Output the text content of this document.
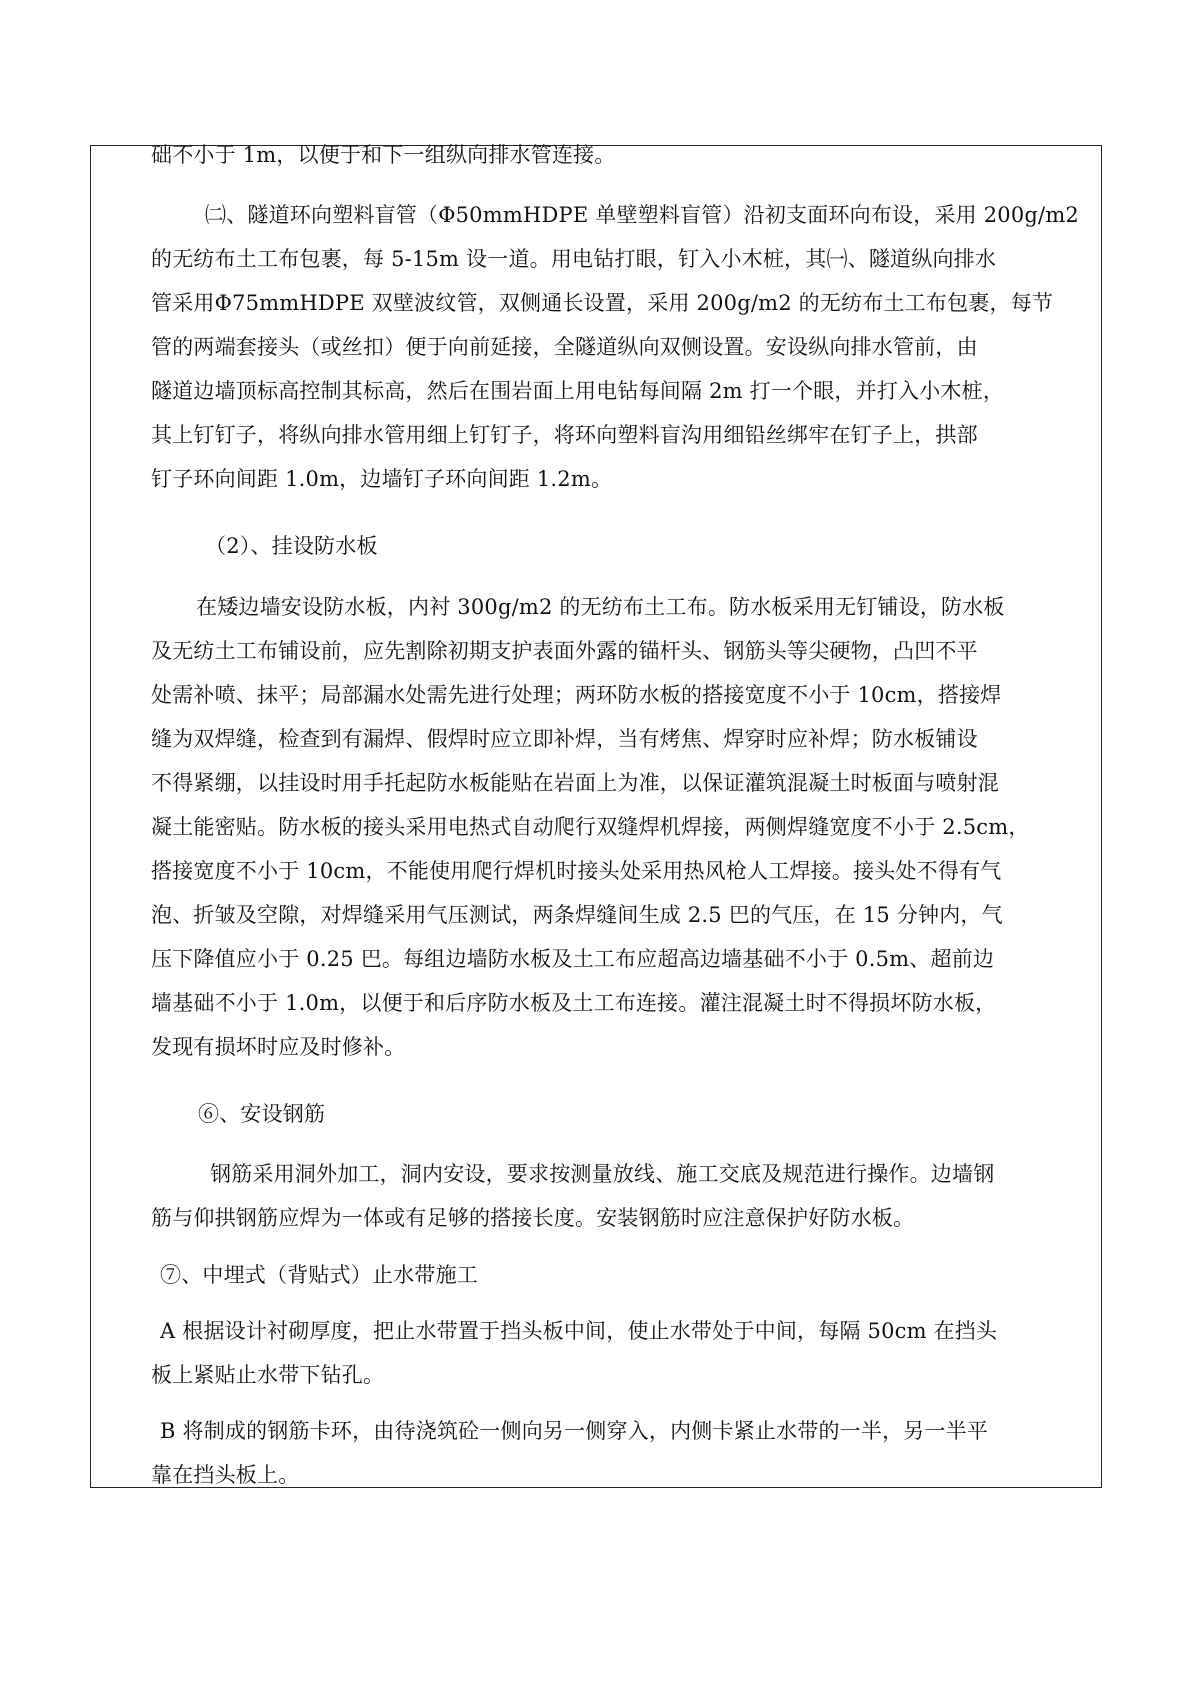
础不小于 1m，以便于和下一组纵向排水管连接。
㈡、隧道环向塑料盲管（Φ50mmHDPE 单壁塑料盲管）沿初支面环向布设，采用 200g/m2
的无纺布土工布包裹，每 5-15m 设一道。用电钻打眼，钉入小木桩，其㈠、隧道纵向排水
管采用Φ75mmHDPE 双壁波纹管，双侧通长设置，采用 200g/m2 的无纺布土工布包裹，每节
管的两端套接头（或丝扣）便于向前延接，全隧道纵向双侧设置。安设纵向排水管前，由
隧道边墙顶标高控制其标高，然后在围岩面上用电钻每间隔 2m 打一个眼，并打入小木桩，
其上钉钉子，将纵向排水管用细上钉钉子，将环向塑料盲沟用细铅丝绑牢在钉子上，拱部
钉子环向间距 1.0m，边墙钉子环向间距 1.2m。
（2）、挂设防水板
在矮边墙安设防水板，内衬 300g/m2 的无纺布土工布。防水板采用无钉铺设，防水板
及无纺土工布铺设前，应先割除初期支护表面外露的锚杆头、钢筋头等尖硬物，凸凹不平
处需补喷、抹平；局部漏水处需先进行处理；两环防水板的搭接宽度不小于 10cm，搭接焊
缝为双焊缝，检查到有漏焊、假焊时应立即补焊，当有烤焦、焊穿时应补焊；防水板铺设
不得紧绷，以挂设时用手托起防水板能贴在岩面上为准，以保证灌筑混凝土时板面与喷射混
凝土能密贴。防水板的接头采用电热式自动爬行双缝焊机焊接，两侧焊缝宽度不小于 2.5cm，
搭接宽度不小于 10cm，不能使用爬行焊机时接头处采用热风枪人工焊接。接头处不得有气
泡、折皱及空隙，对焊缝采用气压测试，两条焊缝间生成 2.5 巴的气压，在 15 分钟内，气
压下降值应小于 0.25 巴。每组边墙防水板及土工布应超高边墙基础不小于 0.5m、超前边
墙基础不小于 1.0m，以便于和后序防水板及土工布连接。灌注混凝土时不得损坏防水板，
发现有损坏时应及时修补。
⑥、安设钢筋
钢筋采用洞外加工，洞内安设，要求按测量放线、施工交底及规范进行操作。边墙钢
筋与仰拱钢筋应焊为一体或有足够的搭接长度。安装钢筋时应注意保护好防水板。
⑦、中埋式（背贴式）止水带施工
A 根据设计衬砌厚度，把止水带置于挡头板中间，使止水带处于中间，每隔 50cm 在挡头
板上紧贴止水带下钻孔。
B 将制成的钢筋卡环，由待浇筑砼一侧向另一侧穿入，内侧卡紧止水带的一半，另一半平
靠在挡头板上。
